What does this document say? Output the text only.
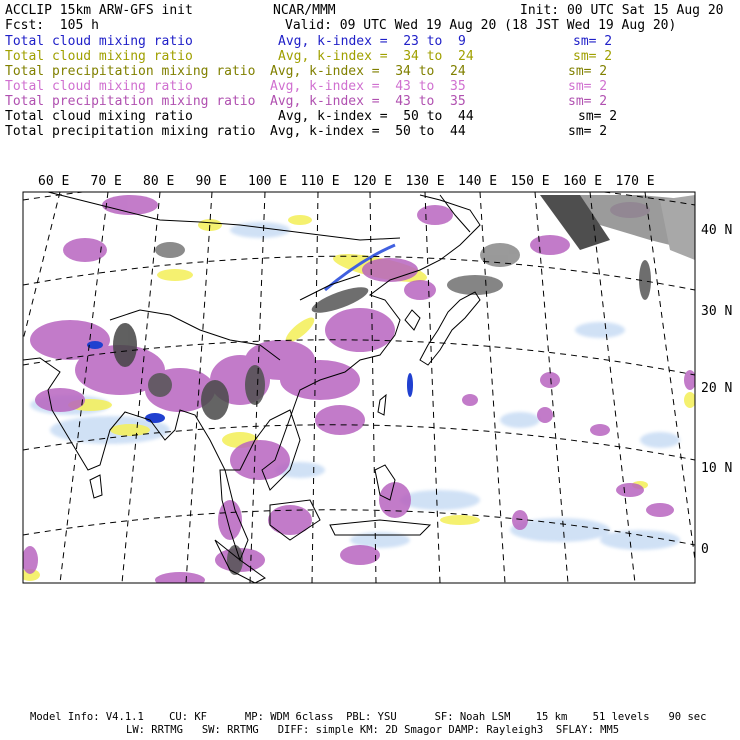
ACCLIP 15km ARW-GFS init	NCAR/MMM	Init: 00 UTC Sat 15 Aug 20
Fcst:  105 h	Valid: 09 UTC Wed 19 Aug 20 (18 JST Wed 19 Aug 20)
Total cloud mixing ratio	Avg, k-index =  23 to  9	sm= 2
Total cloud mixing ratio	Avg, k-index =  34 to  24	sm= 2
Total precipitation mixing ratio Avg, k-index =  34 to  24	sm= 2
Total cloud mixing ratio	Avg, k-index =  43 to  35	sm= 2
Total precipitation mixing ratio Avg, k-index =  43 to  35	sm= 2
Total cloud mixing ratio	Avg, k-index =  50 to  44	sm= 2
Total precipitation mixing ratio Avg, k-index =  50 to  44	sm= 2
60 E 70 E 80 E 90 E 100 E 110 E 120 E 130 E 140 E 150 E 160 E 170 E
40 N
30 N
20 N
10 N
0
Model Info: V4.1.1    CU: KF      MP: WDM 6class  PBL: YSU      SF: Noah LSM    15 km    51 levels   90 sec
LW: RRTMG   SW: RRTMG   DIFF: simple KM: 2D Smagor DAMP: Rayleigh3  SFLAY: MM5
